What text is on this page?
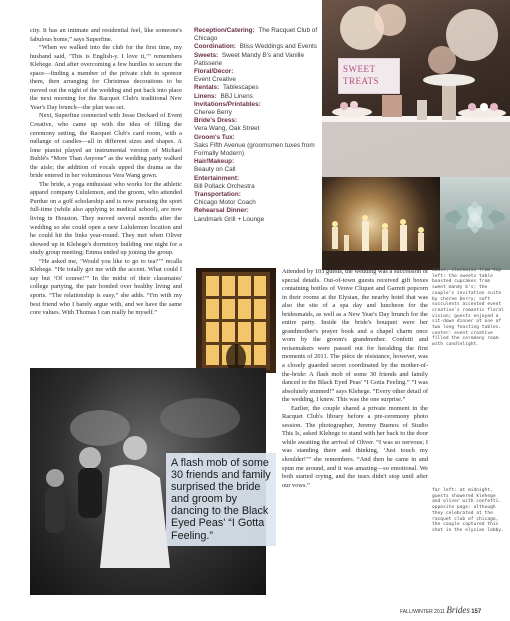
SWEET
TREATS
Reception/Catering: The Racquet Club of Chicago
Coordination: Bliss Weddings and Events
Sweets: Sweet Mandy B's and Vanille Patisserie
Floral/Décor:
Event Creative
Rentals: Tablescapes
Linens: BBJ Linens
Invitations/Printables:
Cheree Berry
Bride's Dress:
Vera Wang, Oak Street
Groom's Tux:
Saks Fifth Avenue (groomsmen tuxes from Formally Modern)
Hair/Makeup:
Beauty on Call
Entertainment:
Bill Pollack Orchestra
Transportation:
Chicago Motor Coach
Rehearsal Dinner:
Landmark Grill + Lounge

city. It has an intimate and residential feel, like someone's fabulous home,” says Superfine.

“When we walked into the club for the first time, my husband said, ‘This is English-y. I love it,’” remembers Klehege. And after overcoming a few hurdles to secure the space—finding a member of the private club to sponsor them, then arranging for Christmas decorations to be moved out the night of the wedding and put back into place the next morning for the Racquet Club's traditional New Year's Day brunch—the plan was set.

Next, Superfine connected with Jesse Deckard of Event Creative, who came up with the idea of filling the ceremony setting, the Racquet Club's card room, with a mélange of candles—all in different sizes and shapes. A lone pianist played an instrumental version of Michael Bublé's “More Than Anyone” as the wedding party walked the aisle; the addition of vocals upped the drama as the bride entered in her voluminous Vera Wang gown.

The bride, a yoga enthusiast who works for the athletic apparel company Lululemon, and the groom, who attended Purdue on a golf scholarship and is now pursuing the sport full-time (while also applying to medical school), are now living in Houston. They moved several months after the wedding so she could open a new Lululemon location and he could hit the links year-round. They met when Oliver showed up in Klehege's dormitory building one night for a study group meeting; Emma ended up joining the group.

“He asked me, ‘Would you like to go to tea?’” recalls Klehege. “He totally got me with the accent. What could I say but ‘Of course!’” In the midst of their classmates' college partying, the pair bonded over healthy living and sports. “The relationship is easy,” she adds. “I'm with my best friend who I barely argue with, and we have the same core values. With Thomas I can really be myself.”

Attended by 103 guests, the wedding was a succession of special details. Out-of-town guests received gift boxes containing bottles of Veuve Cliquot and Garrett popcorn in their rooms at the Elysian, the nearby hotel that was also the site of a spa day and luncheon for the bridesmaids, as well as a New Year's Day brunch for the entire party. Inside the bride's bouquet were her grandmother's prayer book and a chapel charm once worn by the groom's grandmother. Confetti and noisemakers were passed out for heralding the first moments of 2011. The pièce de résistance, however, was a closely guarded secret coordinated by the mother-of-the-bride: A flash mob of some 30 friends and family danced to the Black Eyed Peas' “I Gotta Feeling.” “I was absolutely stunned!” says Klehege. “Every other detail of the wedding, I knew. This was the one surprise.”

Earlier, the couple shared a private moment in the Racquet Club's library before a pre-ceremony photo session. The photographer, Jeremy Buenos of Studio This Is, asked Klehege to stand with her back to the door while awaiting the arrival of Oliver. “I was so nervous; I was standing there and thinking, ‘Just touch my shoulder!’” she remembers. “And then he came in and spun me around, and it was amazing—so emotional. We both started crying, and the tears didn't stop until after our vows.”

A flash mob of some 30 friends and family surprised the bride and groom by dancing to the Black Eyed Peas' “I Gotta Feeling.”
above, clockwise from top left: the sweets table boasted cupcakes from sweet mandy b's; the couple's invitation suite by cheree berry; soft succulents accented event creative's romantic floral vision; guests enjoyed a sit-down dinner at one of two long feasting tables. center: event creative filled the ceremony room with candlelight.
far left: at midnight, guests showered klehege and oliver with confetti. opposite page: although they celebrated at the racquet club of chicago, the couple captured this shot in the elysian lobby.
FALL/WINTER 2011 Brides 157
